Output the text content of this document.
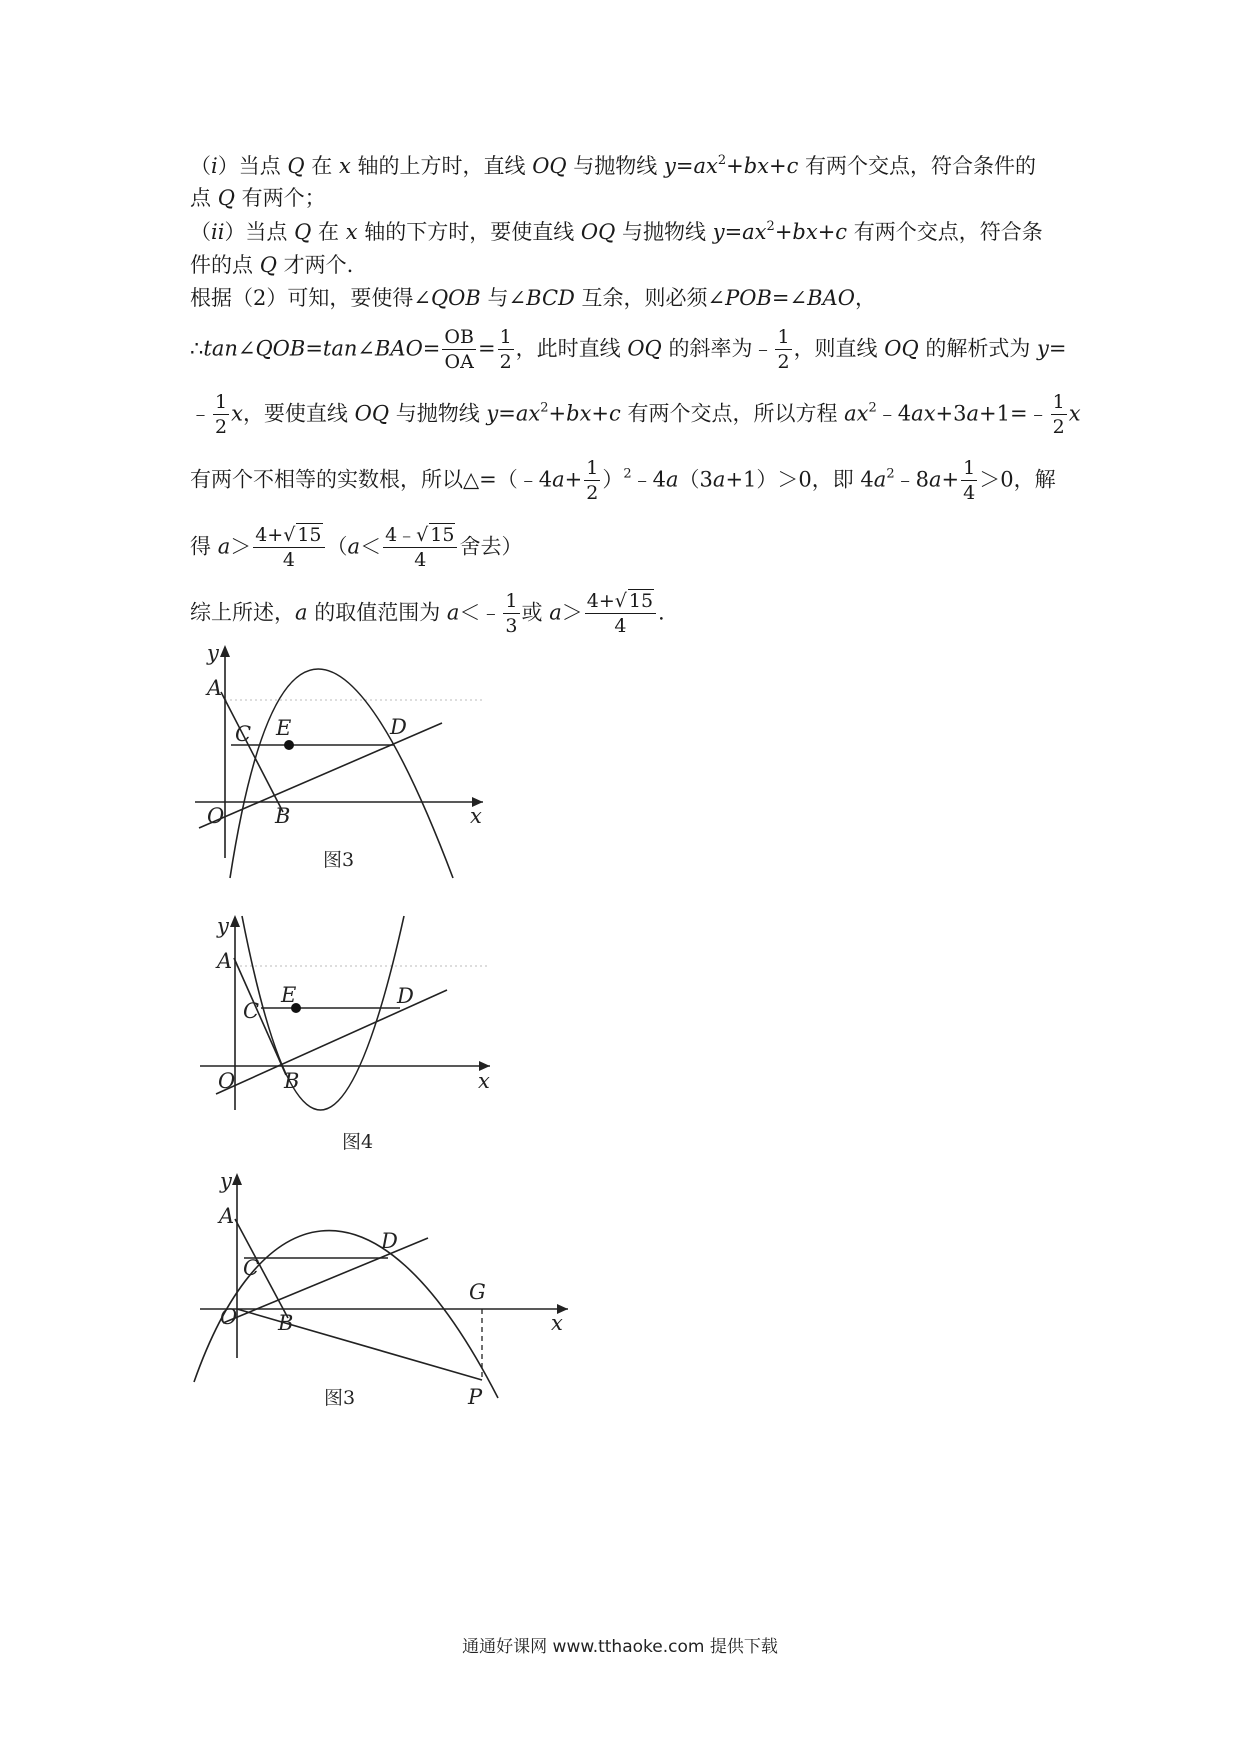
（i）当点 Q 在 x 轴的上方时，直线 OQ 与抛物线 $y=ax^2+bx+c$ 有两个交点，符合条件的
点 Q 有两个；
（ii）当点 Q 在 x 轴的下方时，要使直线 OQ 与抛物线 $y=ax^2+bx+c$ 有两个交点，符合条
件的点 Q 才两个.
根据（2）可知，要使得∠QOB 与∠BCD 互余，则必须∠POB=∠BAO，
∴tan∠QOB=tan∠BAO= $\frac{OB}{OA} = \frac{1}{2}$ ，此时直线 OQ 的斜率为﹣ $\frac{1}{2}$ ，则直线 OQ 的解析式为 y=
﹣ $\frac{1}{2}$ x，要使直线 OQ 与抛物线 $y=ax^2+bx+c$ 有两个交点，所以方程 $ax^2﹣4ax+3a+1=﹣ \frac{1}{2}$ x
有两个不相等的实数根，所以△=（﹣4a+ $\frac{1}{2}$ ）$^2$﹣4a（3a+1）＞0，即 $4a^2﹣8a+ \frac{1}{4} >0$，解
得 $a> \frac{4+√ 15}{4} (a< \frac{4﹣√ 15}{4}$ 舍去）
综上所述，a 的取值范围为 a＜﹣ $\frac{1}{3}$ 或 $a> \frac{4+√ 15}{4}$ .
y
A
C E	D
O B	x
图3
y
A
C
E	D
O B	x
图4
y
A
C
D
G
O B	x
P
图3
通通好课网 www.tthaoke.com 提供下载
